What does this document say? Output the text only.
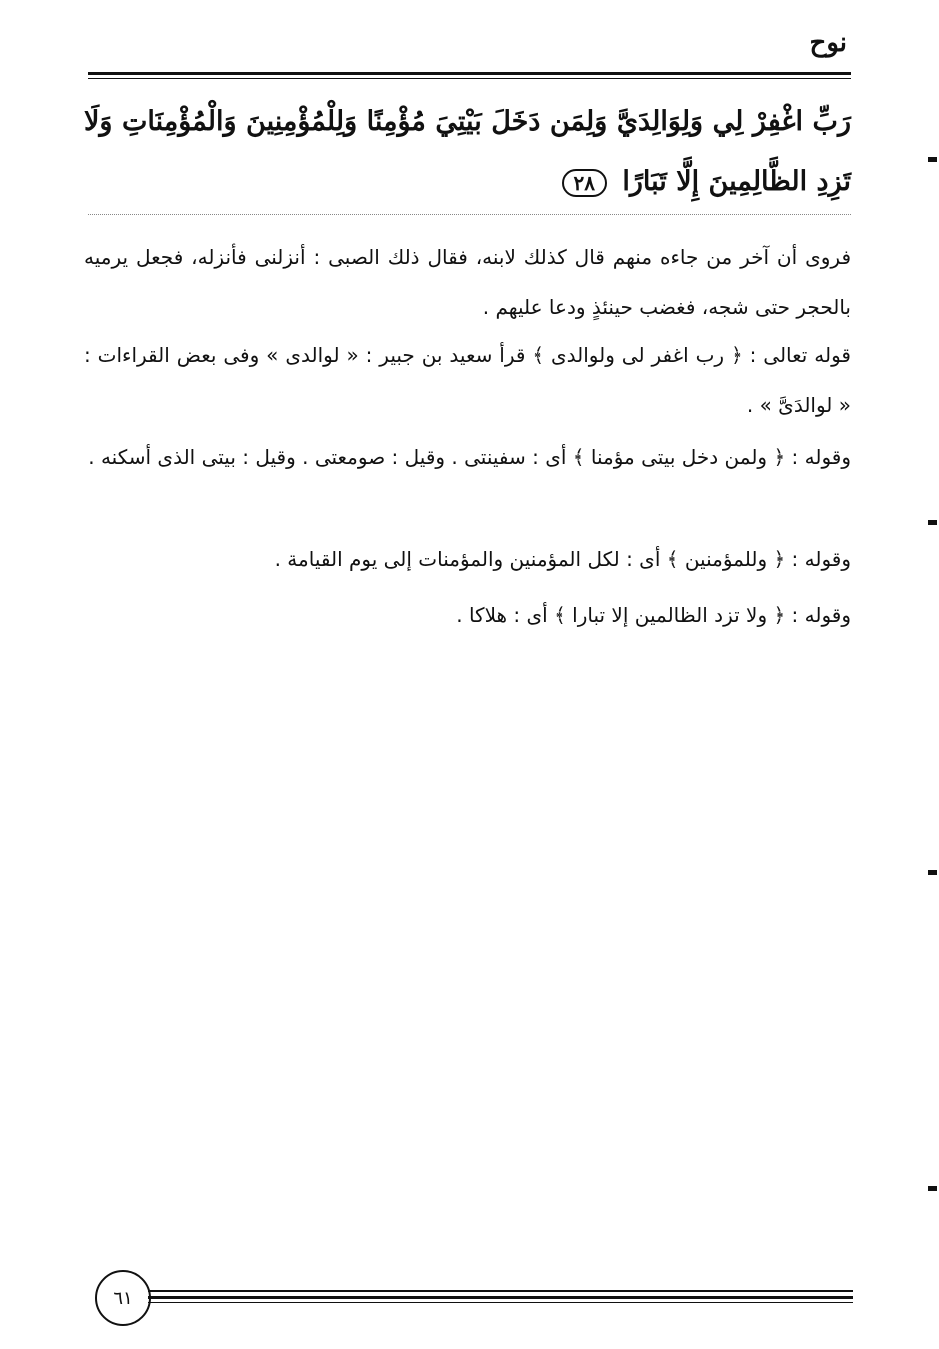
نوح
رَبِّ اغْفِرْ لِي وَلِوَالِدَيَّ وَلِمَن دَخَلَ بَيْتِيَ مُؤْمِنًا وَلِلْمُؤْمِنِينَ وَالْمُؤْمِنَاتِ وَلَا تَزِدِ الظَّالِمِينَ إِلَّا تَبَارًا ٢٨
فروى أن آخر من جاءه منهم قال كذلك لابنه، فقال ذلك الصبى : أنزلنى فأنزله، فجعل يرميه بالحجر حتى شجه، فغضب حينئذٍ ودعا عليهم .
قوله تعالى : ﴿ رب اغفر لى ولوالدى ﴾ قرأ سعيد بن جبير : « لوالدى » وفى بعض القراءات : « لوالدَىَّ » .
وقوله : ﴿ ولمن دخل بيتى مؤمنا ﴾ أى : سفينتى . وقيل : صومعتى . وقيل : بيتى الذى أسكنه .
وقوله : ﴿ وللمؤمنين ﴾ أى : لكل المؤمنين والمؤمنات إلى يوم القيامة .
وقوله : ﴿ ولا تزد الظالمين إلا تبارا ﴾ أى : هلاكا .
٦١
